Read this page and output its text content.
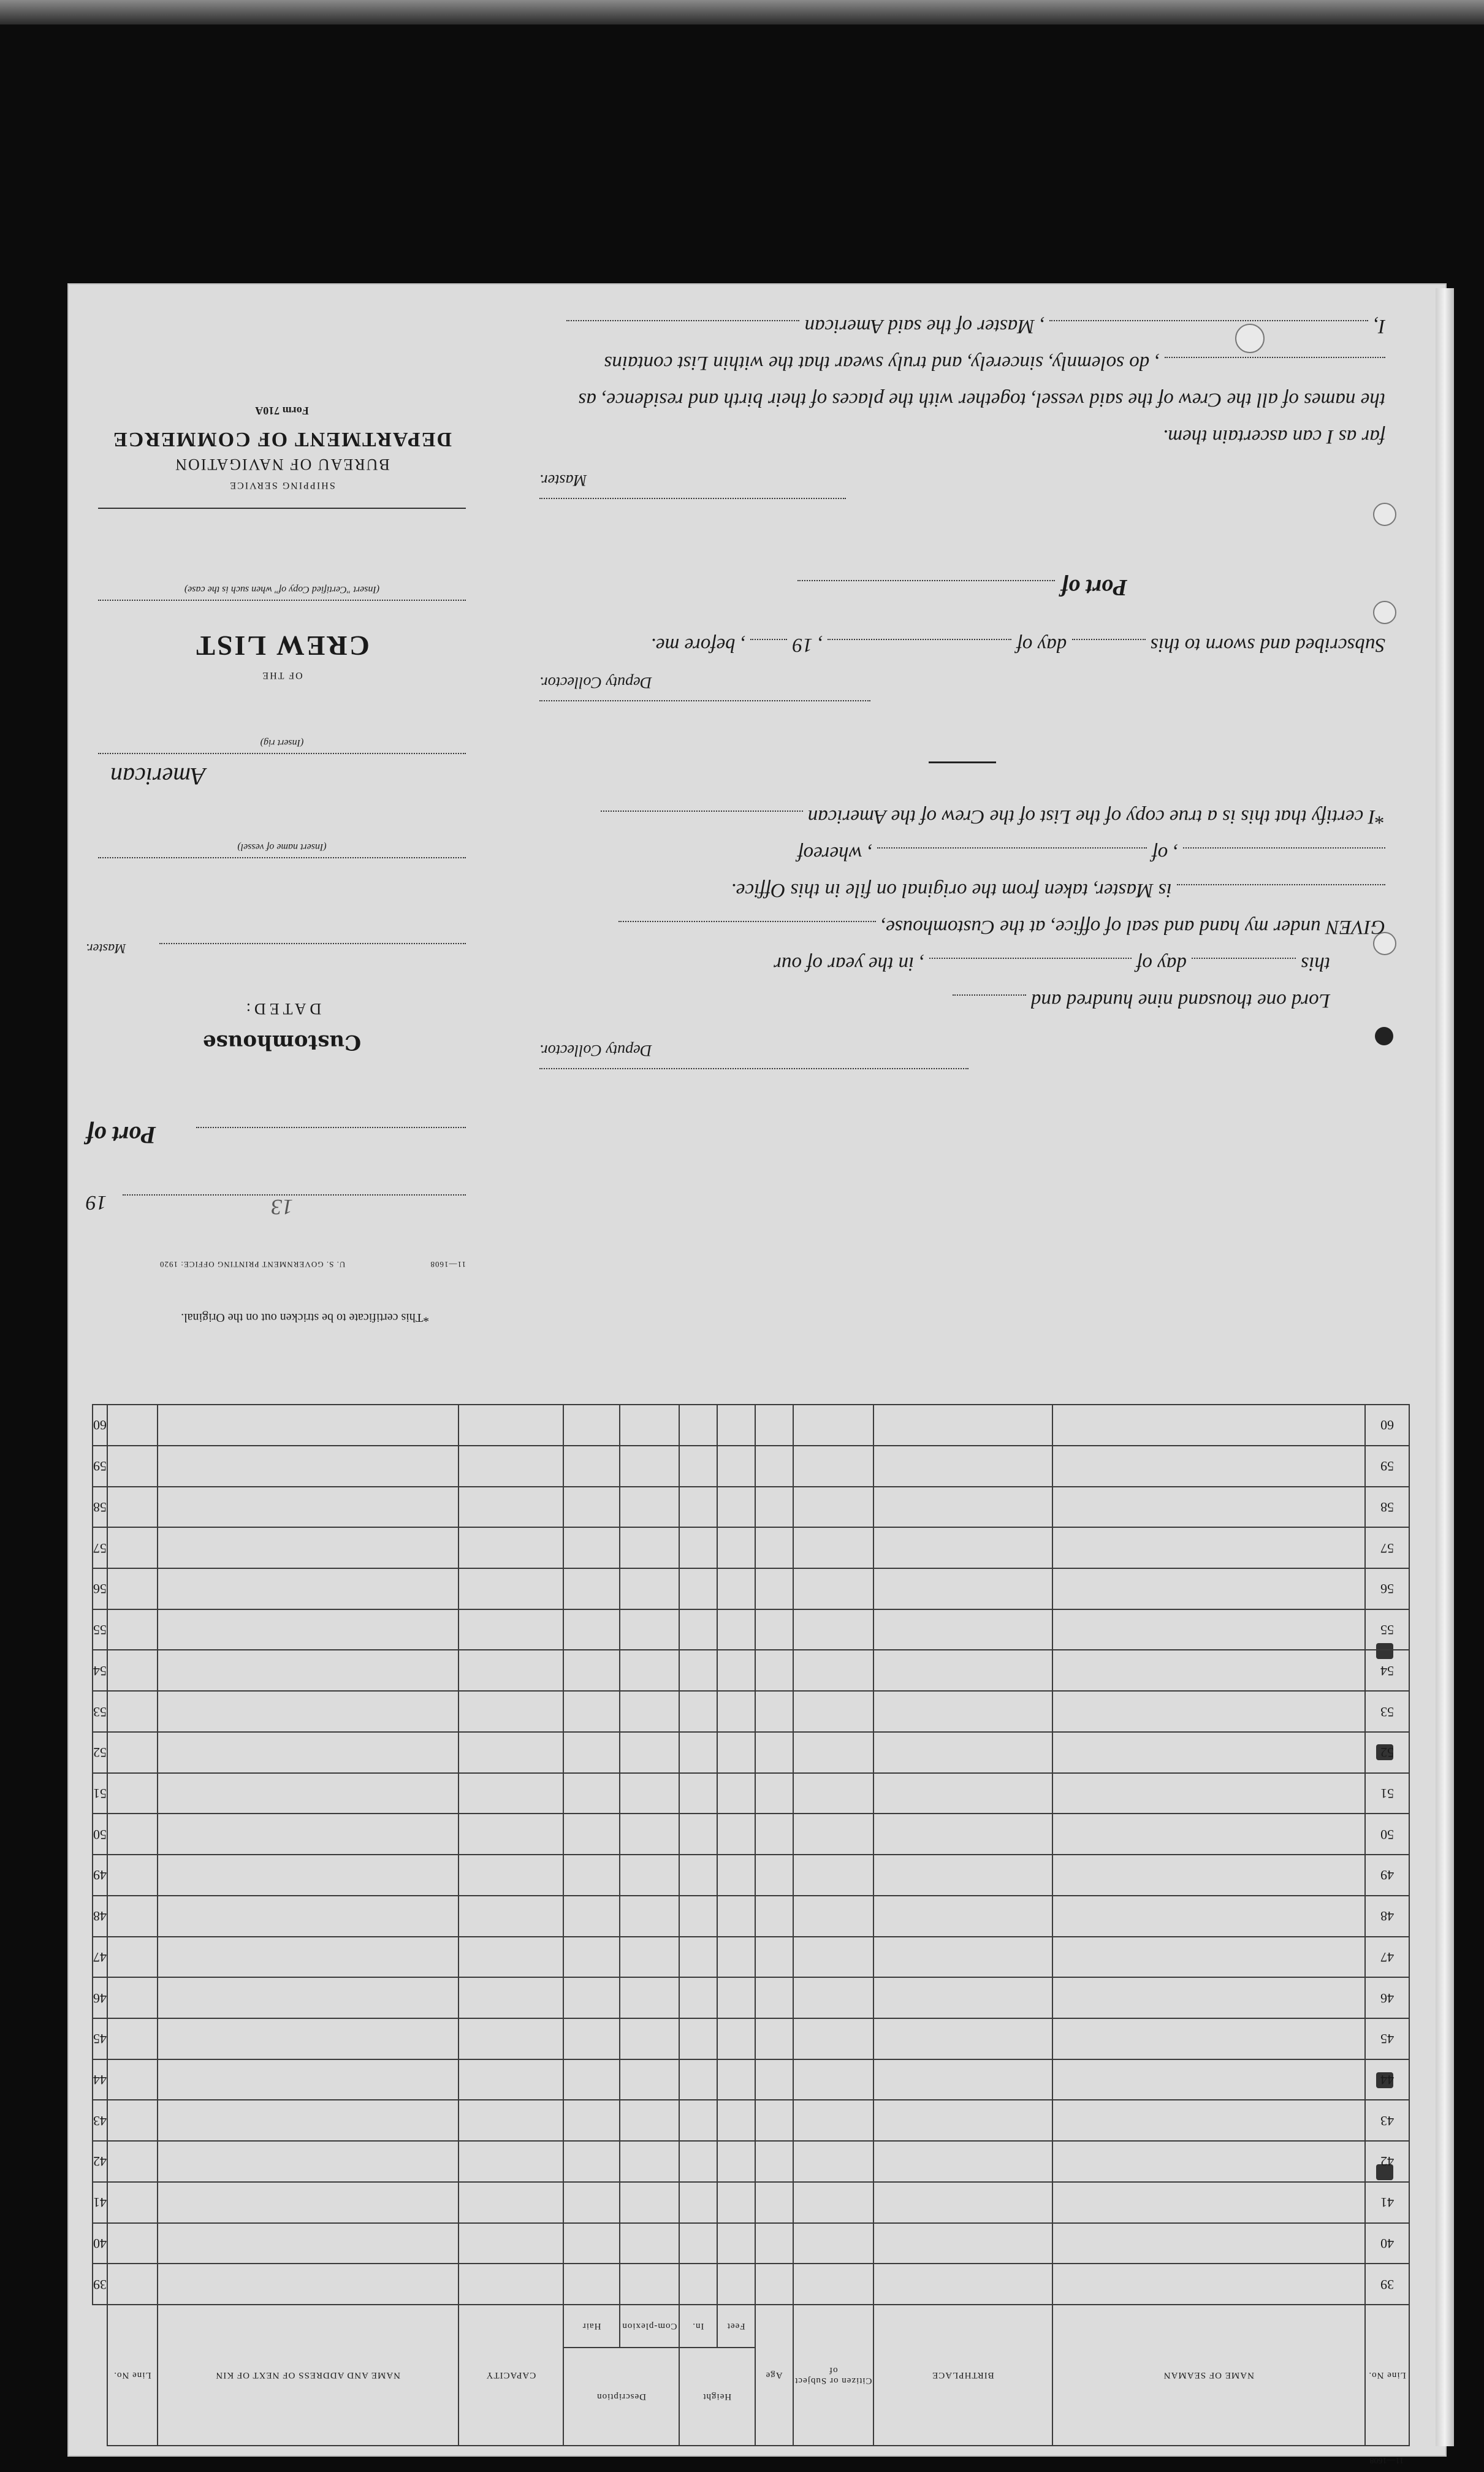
Form 710A
DEPARTMENT OF COMMERCE
BUREAU OF NAVIGATION
SHIPPING SERVICE
(Insert "Certified Copy of" when such is the case)
CREW LIST
OF THE
American
(Insert rig)
(Insert name of vessel)
Master.
DATED:
Customhouse
Port of
13
19
U. S. GOVERNMENT PRINTING OFFICE: 1920	11—1608
*This certificate to be stricken out on the Original.
I,  , Master of the said American
, do solemnly, sincerely, and truly swear that the within List contains
the names of all the Crew of the said vessel, together with the places of their birth and residence, as
far as I can ascertain them.

Master.
Port of
Subscribed and sworn to this  day of  , 19  , before me.

Deputy Collector.
*I certify that this is a true copy of the List of the Crew of the American
, of  , whereof
is Master, taken from the original on file in this Office.
GIVEN under my hand and seal of office, at the Customhouse,
this  day of  , in the year of our
Lord one thousand nine hundred and

Deputy Collector.
Line No.	NAME OF SEAMAN	BIRTHPLACE	Citizen or Subject of	Age	Height		Description		CAPACITY	NAME AND ADDRESS OF NEXT OF KIN	Line No.	
					Feet	In.	Com-plexion	Hair				
39												39
40												40
41												41
42												42
43												43
44												44
45												45
46												46
47												47
48												48
49												49
50												50
51												51
52												52
53												53
54												54
55												55
56												56
57												57
58												58
59												59
60												60
11—1608
